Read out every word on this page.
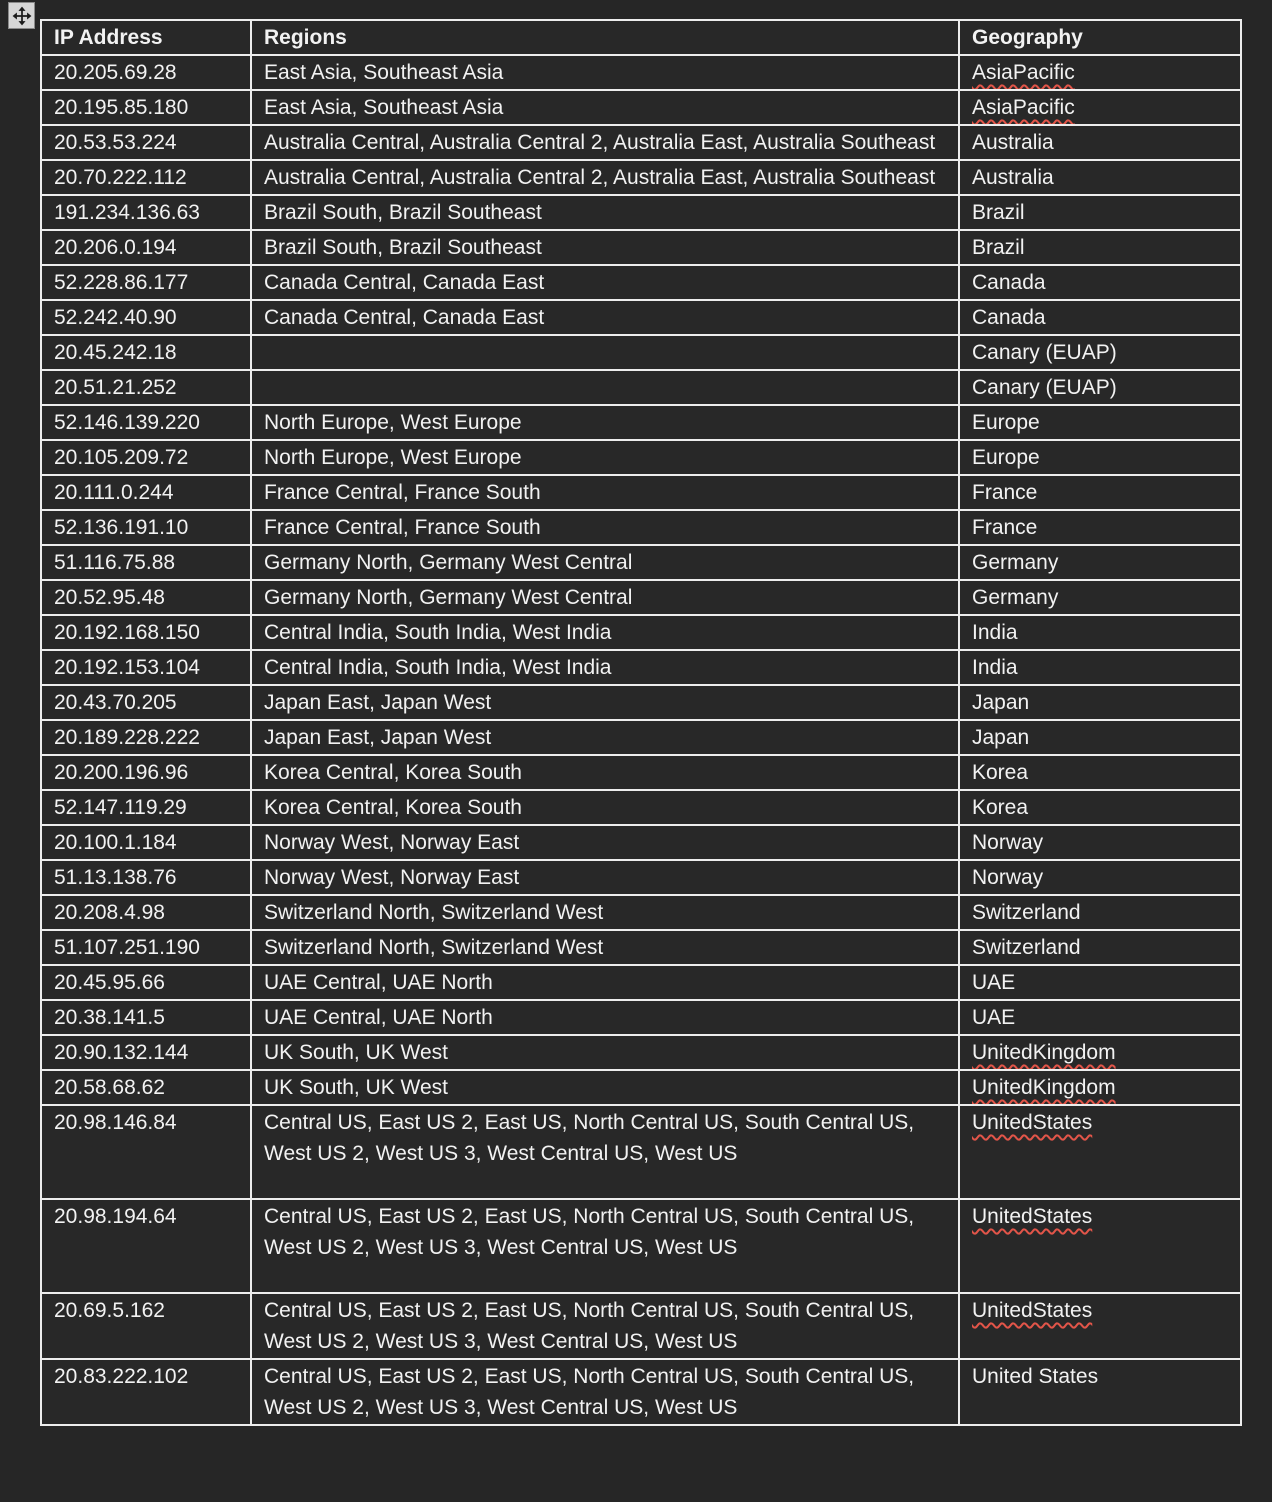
IP Address	Regions	Geography
20.205.69.28	East Asia, Southeast Asia	AsiaPacific
20.195.85.180	East Asia, Southeast Asia	AsiaPacific
20.53.53.224	Australia Central, Australia Central 2, Australia East, Australia Southeast	Australia
20.70.222.112	Australia Central, Australia Central 2, Australia East, Australia Southeast	Australia
191.234.136.63	Brazil South, Brazil Southeast	Brazil
20.206.0.194	Brazil South, Brazil Southeast	Brazil
52.228.86.177	Canada Central, Canada East	Canada
52.242.40.90	Canada Central, Canada East	Canada
20.45.242.18		Canary (EUAP)
20.51.21.252		Canary (EUAP)
52.146.139.220	North Europe, West Europe	Europe
20.105.209.72	North Europe, West Europe	Europe
20.111.0.244	France Central, France South	France
52.136.191.10	France Central, France South	France
51.116.75.88	Germany North, Germany West Central	Germany
20.52.95.48	Germany North, Germany West Central	Germany
20.192.168.150	Central India, South India, West India	India
20.192.153.104	Central India, South India, West India	India
20.43.70.205	Japan East, Japan West	Japan
20.189.228.222	Japan East, Japan West	Japan
20.200.196.96	Korea Central, Korea South	Korea
52.147.119.29	Korea Central, Korea South	Korea
20.100.1.184	Norway West, Norway East	Norway
51.13.138.76	Norway West, Norway East	Norway
20.208.4.98	Switzerland North, Switzerland West	Switzerland
51.107.251.190	Switzerland North, Switzerland West	Switzerland
20.45.95.66	UAE Central, UAE North	UAE
20.38.141.5	UAE Central, UAE North	UAE
20.90.132.144	UK South, UK West	UnitedKingdom
20.58.68.62	UK South, UK West	UnitedKingdom
20.98.146.84	Central US, East US 2, East US, North Central US, South Central US, West US 2, West US 3, West Central US, West US	UnitedStates
20.98.194.64	Central US, East US 2, East US, North Central US, South Central US, West US 2, West US 3, West Central US, West US	UnitedStates
20.69.5.162	Central US, East US 2, East US, North Central US, South Central US, West US 2, West US 3, West Central US, West US	UnitedStates
20.83.222.102	Central US, East US 2, East US, North Central US, South Central US, West US 2, West US 3, West Central US, West US	United States
